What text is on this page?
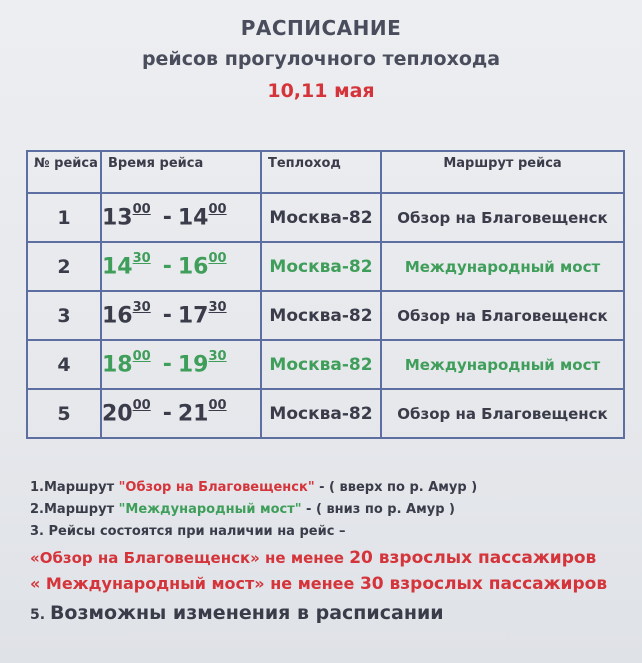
РАСПИСАНИЕ
рейсов прогулочного теплохода
10,11 мая
№ рейса	Время рейса	Теплоход	Маршрут рейса
1	$13^{00} - 14^{00}$	Москва-82	Обзор на Благовещенск
2	$14^{30} - 16^{00}$	Москва-82	Международный мост
3	$16^{30} - 17^{30}$	Москва-82	Обзор на Благовещенск
4	$18^{00} - 19^{30}$	Москва-82	Международный мост
5	$20^{00} - 21^{00}$	Москва-82	Обзор на Благовещенск
1.Маршрут "Обзор на Благовещенск" - ( вверх по р. Амур )
2.Маршрут "Международный мост" - ( вниз по р. Амур )
3. Рейсы состоятся при наличии на рейс –
«Обзор на Благовещенск» не менее 20 взрослых пассажиров
« Международный мост» не менее 30 взрослых пассажиров
5. Возможны изменения в расписании
